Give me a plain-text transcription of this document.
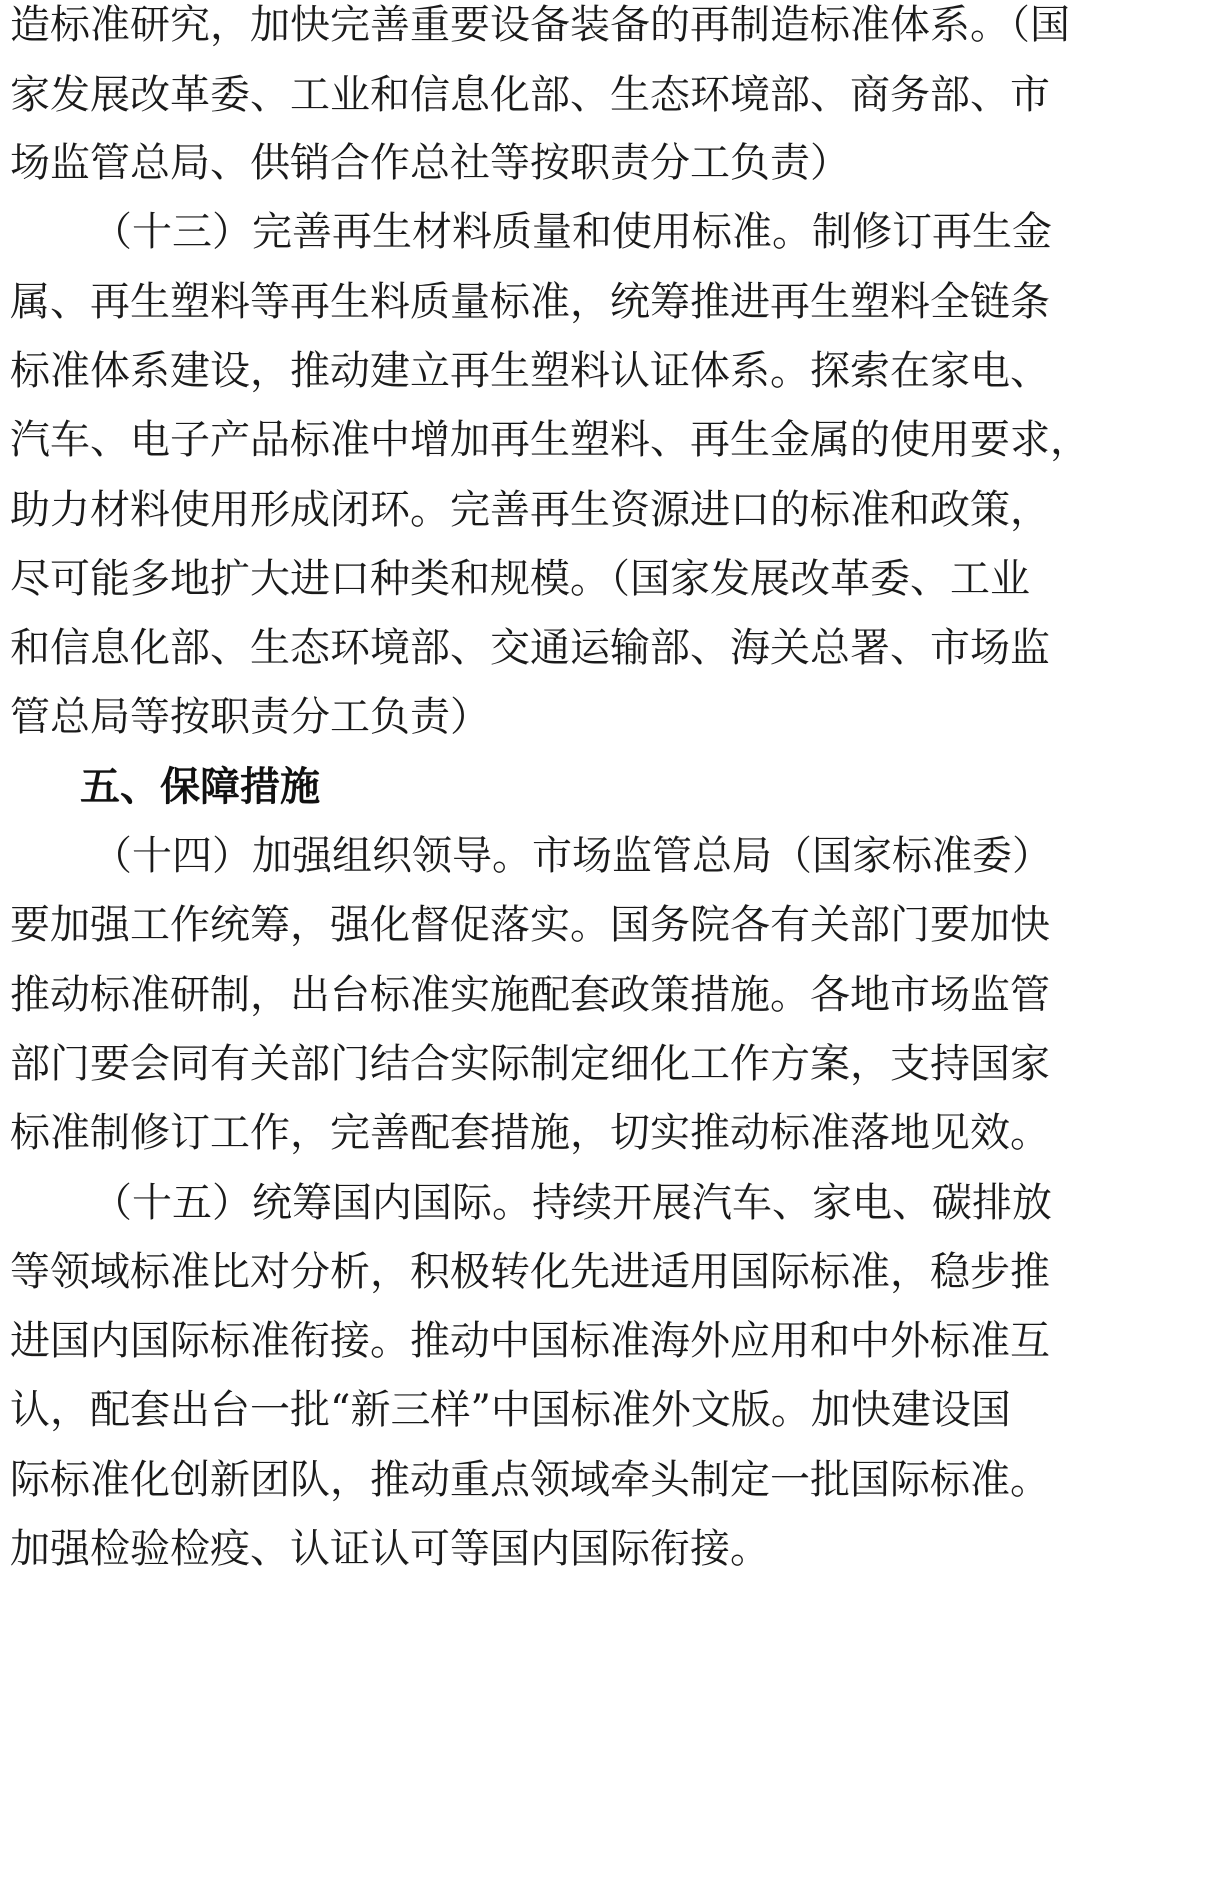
造标准研究，加快完善重要设备装备的再制造标准体系。（国
家发展改革委、工业和信息化部、生态环境部、商务部、市
场监管总局、供销合作总社等按职责分工负责）
（十三）完善再生材料质量和使用标准。制修订再生金
属、再生塑料等再生料质量标准，统筹推进再生塑料全链条
标准体系建设，推动建立再生塑料认证体系。探索在家电、
汽车、电子产品标准中增加再生塑料、再生金属的使用要求，
助力材料使用形成闭环。完善再生资源进口的标准和政策，
尽可能多地扩大进口种类和规模。（国家发展改革委、工业
和信息化部、生态环境部、交通运输部、海关总署、市场监
管总局等按职责分工负责）
五、保障措施
（十四）加强组织领导。市场监管总局（国家标准委）
要加强工作统筹，强化督促落实。国务院各有关部门要加快
推动标准研制，出台标准实施配套政策措施。各地市场监管
部门要会同有关部门结合实际制定细化工作方案，支持国家
标准制修订工作，完善配套措施，切实推动标准落地见效。
（十五）统筹国内国际。持续开展汽车、家电、碳排放
等领域标准比对分析，积极转化先进适用国际标准，稳步推
进国内国际标准衔接。推动中国标准海外应用和中外标准互
认，配套出台一批“新三样”中国标准外文版。加快建设国
际标准化创新团队，推动重点领域牵头制定一批国际标准。
加强检验检疫、认证认可等国内国际衔接。
